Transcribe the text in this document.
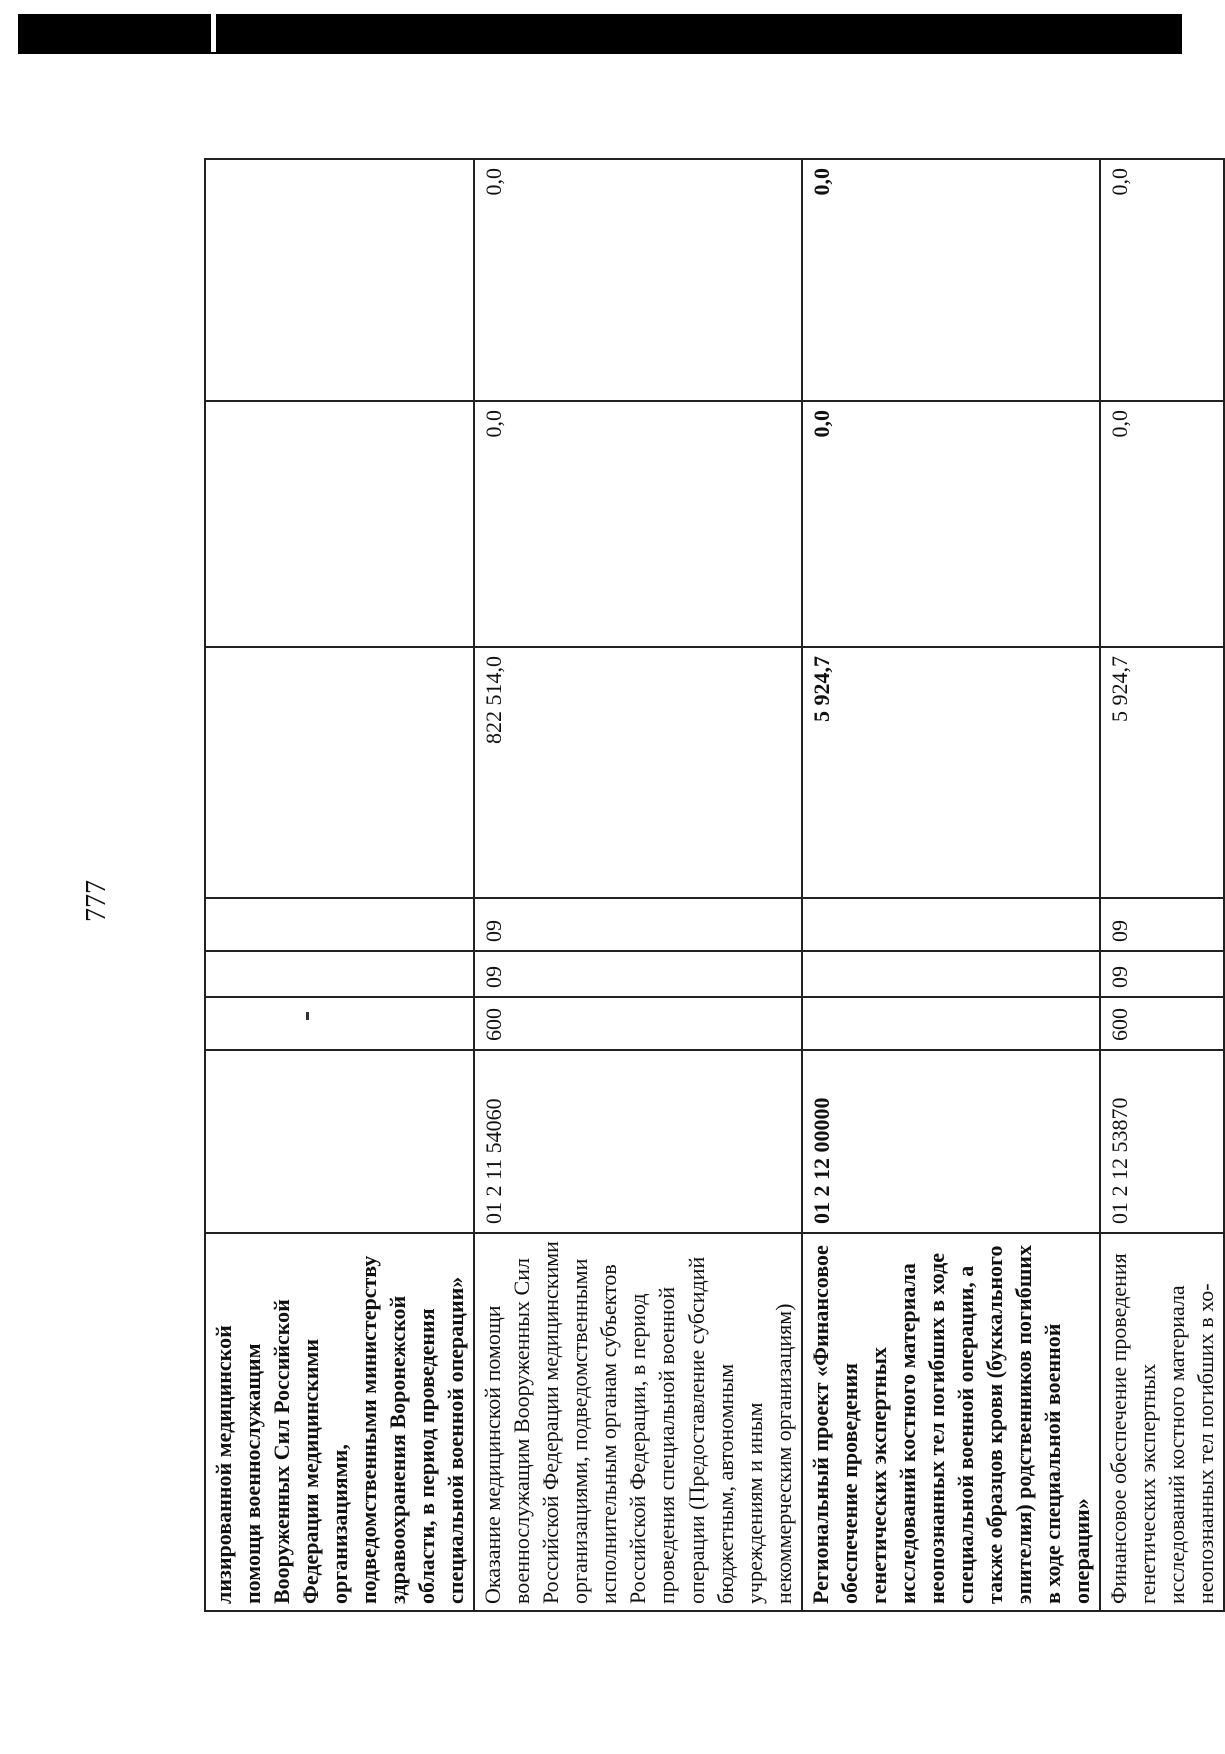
777
лизированной медицинской помощи военнослужащим Вооруженных Сил Российской Федерации медицинскими организациями, подведомственными министерству здравоохранения Воронежской области, в период проведения специальной военной операции»							
Оказание медицинской помощи военнослужащим Вооруженных Сил Российской Федерации медицинскими организациями, подведомственными исполнительным органам субъектов Российской Федерации, в период проведения специальной военной операции (Предоставление субсидий бюджетным, автономным учреждениям и иным некоммерческим организациям)	01 2 11 54060	600	09	09	822 514,0	0,0	0,0
Региональный проект «Финансовое обеспечение проведения генетических экспертных исследований костного материала неопознанных тел погибших в ходе специальной военной операции, а также образцов крови (буккального эпителия) родственников погибших в ходе специальной военной операции»	01 2 12 00000				5 924,7	0,0	0,0
Финансовое обеспечение проведения генетических экспертных исследований костного материала неопознанных тел погибших в хо-	01 2 12 53870	600	09	09	5 924,7	0,0	0,0
